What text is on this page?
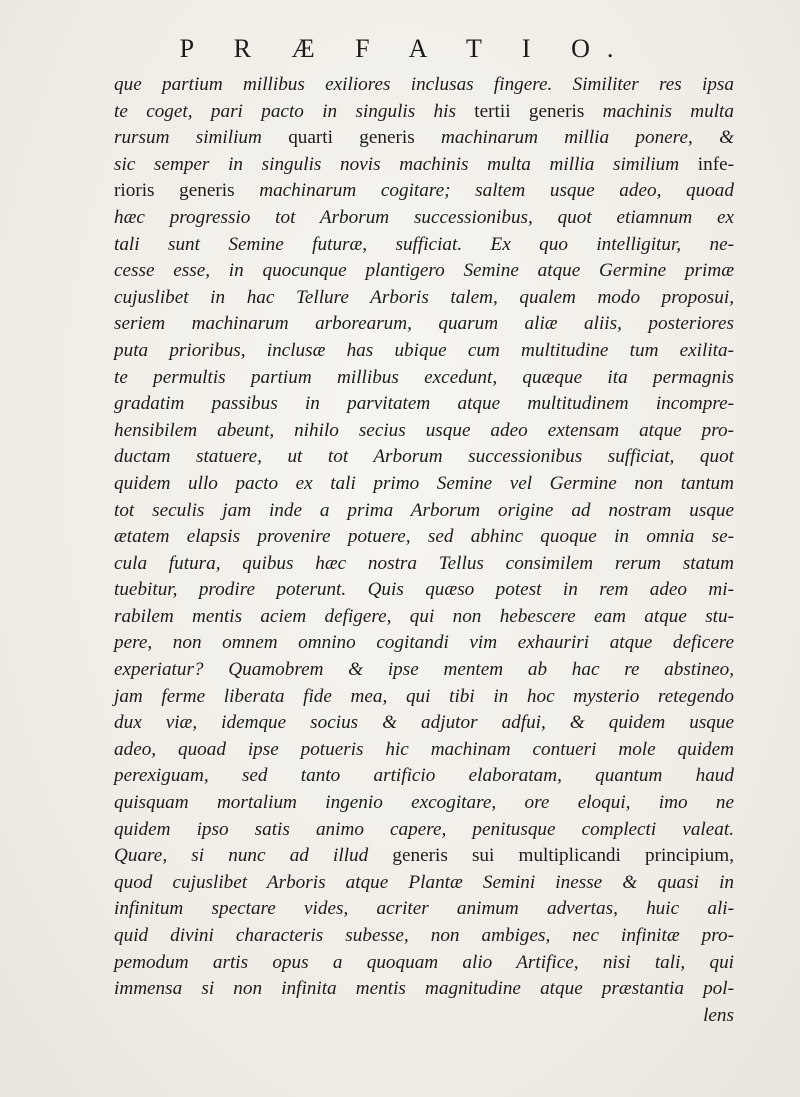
P R Æ F A T I O.
que partium millibus exiliores inclusas fingere. Similiter res ipsa
te coget, pari pacto in singulis his tertii generis machinis multa
rursum similium quarti generis machinarum millia ponere, &
sic semper in singulis novis machinis multa millia similium infe-
rioris generis machinarum cogitare; saltem usque adeo, quoad
hæc progressio tot Arborum successionibus, quot etiamnum ex
tali sunt Semine futuræ, sufficiat. Ex quo intelligitur, ne-
cesse esse, in quocunque plantigero Semine atque Germine primæ
cujuslibet in hac Tellure Arboris talem, qualem modo proposui,
seriem machinarum arborearum, quarum aliæ aliis, posteriores
puta prioribus, inclusæ has ubique cum multitudine tum exilita-
te permultis partium millibus excedunt, quæque ita permagnis
gradatim passibus in parvitatem atque multitudinem incompre-
hensibilem abeunt, nihilo secius usque adeo extensam atque pro-
ductam statuere, ut tot Arborum successionibus sufficiat, quot
quidem ullo pacto ex tali primo Semine vel Germine non tantum
tot seculis jam inde a prima Arborum origine ad nostram usque
ætatem elapsis provenire potuere, sed abhinc quoque in omnia se-
cula futura, quibus hæc nostra Tellus consimilem rerum statum
tuebitur, prodire poterunt. Quis quæso potest in rem adeo mi-
rabilem mentis aciem defigere, qui non hebescere eam atque stu-
pere, non omnem omnino cogitandi vim exhauriri atque deficere
experiatur? Quamobrem & ipse mentem ab hac re abstineo,
jam ferme liberata fide mea, qui tibi in hoc mysterio retegendo
dux viæ, idemque socius & adjutor adfui, & quidem usque
adeo, quoad ipse potueris hic machinam contueri mole quidem
perexiguam, sed tanto artificio elaboratam, quantum haud
quisquam mortalium ingenio excogitare, ore eloqui, imo ne
quidem ipso satis animo capere, penitusque complecti valeat.
Quare, si nunc ad illud generis sui multiplicandi principium,
quod cujuslibet Arboris atque Plantæ Semini inesse & quasi in
infinitum spectare vides, acriter animum advertas, huic ali-
quid divini characteris subesse, non ambiges, nec infinitæ pro-
pemodum artis opus a quoquam alio Artifice, nisi tali, qui
immensa si non infinita mentis magnitudine atque præstantia pol-
lens
